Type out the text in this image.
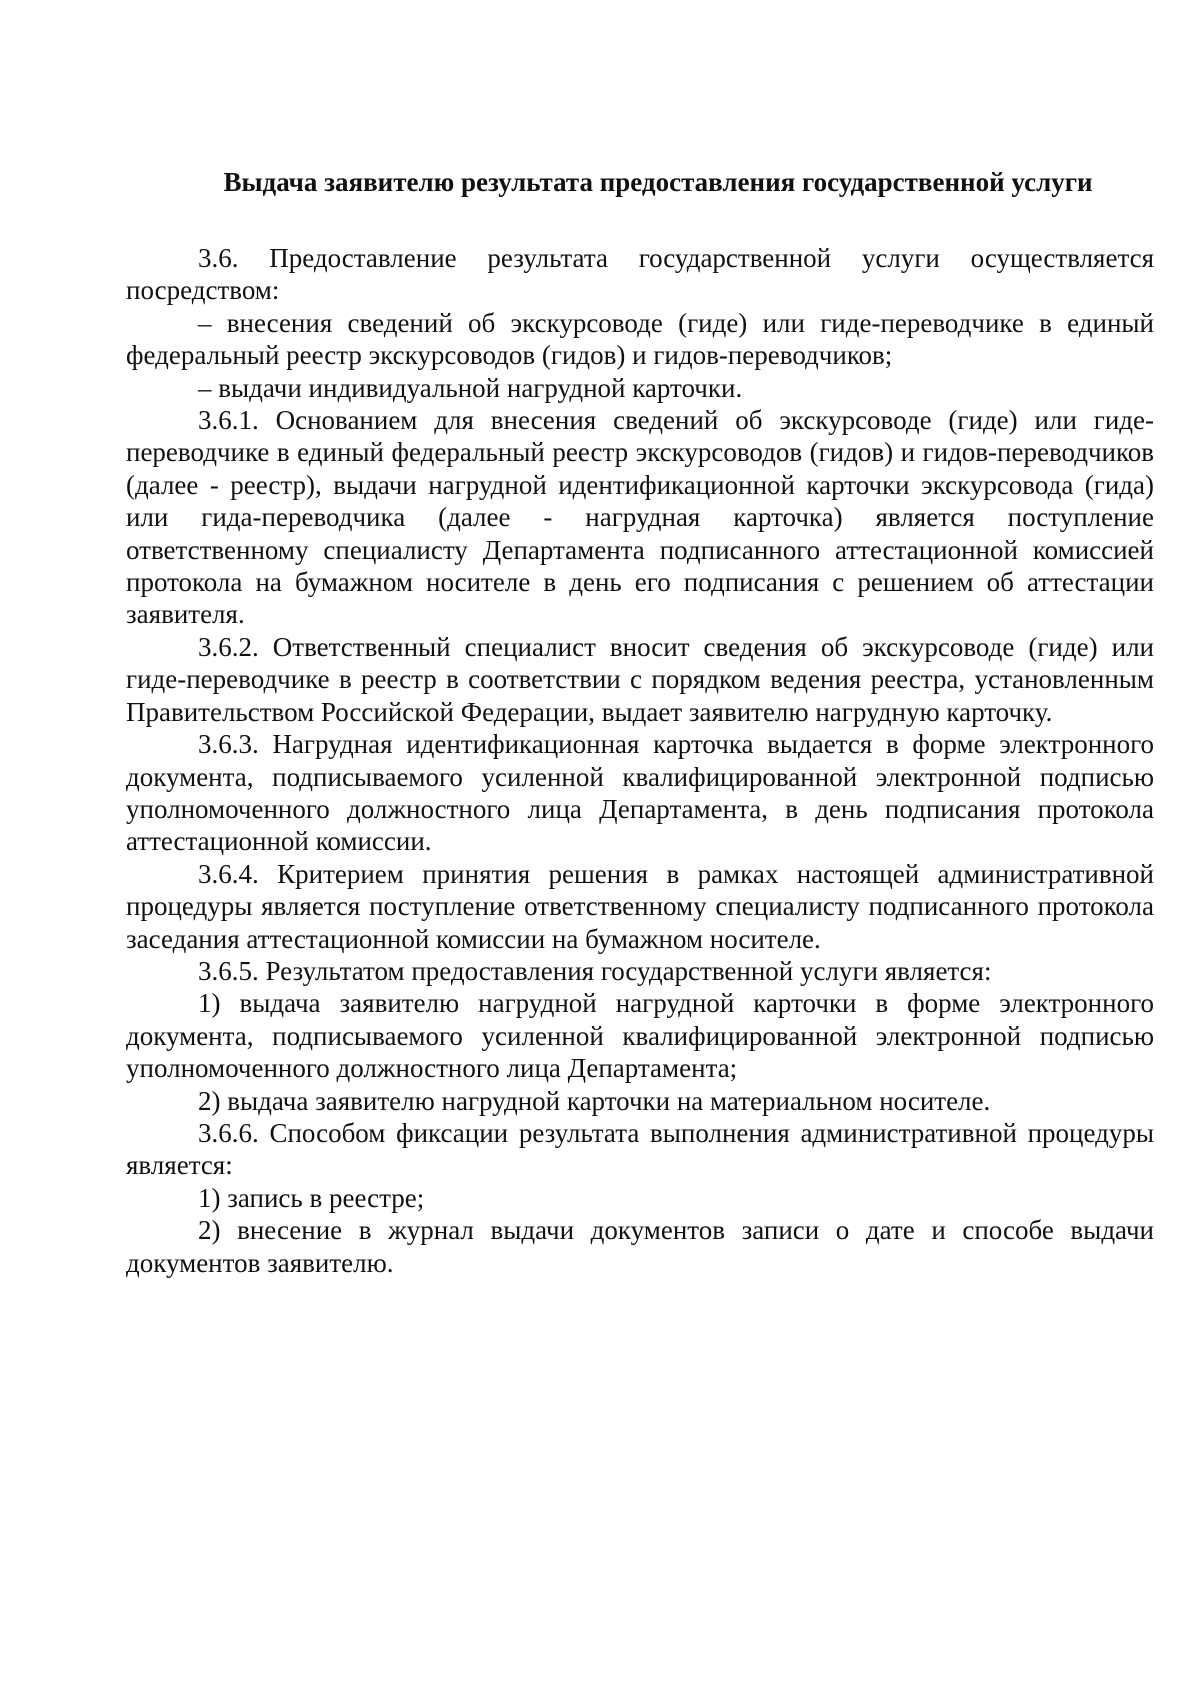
Выдача заявителю результата предоставления государственной услуги

3.6. Предоставление результата государственной услуги осуществляется посредством:

– внесения сведений об экскурсоводе (гиде) или гиде-переводчике в единый федеральный реестр экскурсоводов (гидов) и гидов-переводчиков;

– выдачи индивидуальной нагрудной карточки.

3.6.1. Основанием для внесения сведений об экскурсоводе (гиде) или гиде-переводчике в единый федеральный реестр экскурсоводов (гидов) и гидов-переводчиков (далее - реестр), выдачи нагрудной идентификационной карточки экскурсовода (гида) или гида-переводчика (далее - нагрудная карточка) является поступление ответственному специалисту Департамента подписанного аттестационной комиссией протокола на бумажном носителе в день его подписания с решением об аттестации заявителя.

3.6.2. Ответственный специалист вносит сведения об экскурсоводе (гиде) или гиде-переводчике в реестр в соответствии с порядком ведения реестра, установленным Правительством Российской Федерации, выдает заявителю нагрудную карточку.

3.6.3. Нагрудная идентификационная карточка выдается в форме электронного документа, подписываемого усиленной квалифицированной электронной подписью уполномоченного должностного лица Департамента, в день подписания протокола аттестационной комиссии.

3.6.4. Критерием принятия решения в рамках настоящей административной процедуры является поступление ответственному специалисту подписанного протокола заседания аттестационной комиссии на бумажном носителе.

3.6.5. Результатом предоставления государственной услуги является:

1) выдача заявителю нагрудной нагрудной карточки в форме электронного документа, подписываемого усиленной квалифицированной электронной подписью уполномоченного должностного лица Департамента;

2) выдача заявителю нагрудной карточки на материальном носителе.

3.6.6. Способом фиксации результата выполнения административной процедуры является:

1) запись в реестре;

2) внесение в журнал выдачи документов записи о дате и способе выдачи документов заявителю.
